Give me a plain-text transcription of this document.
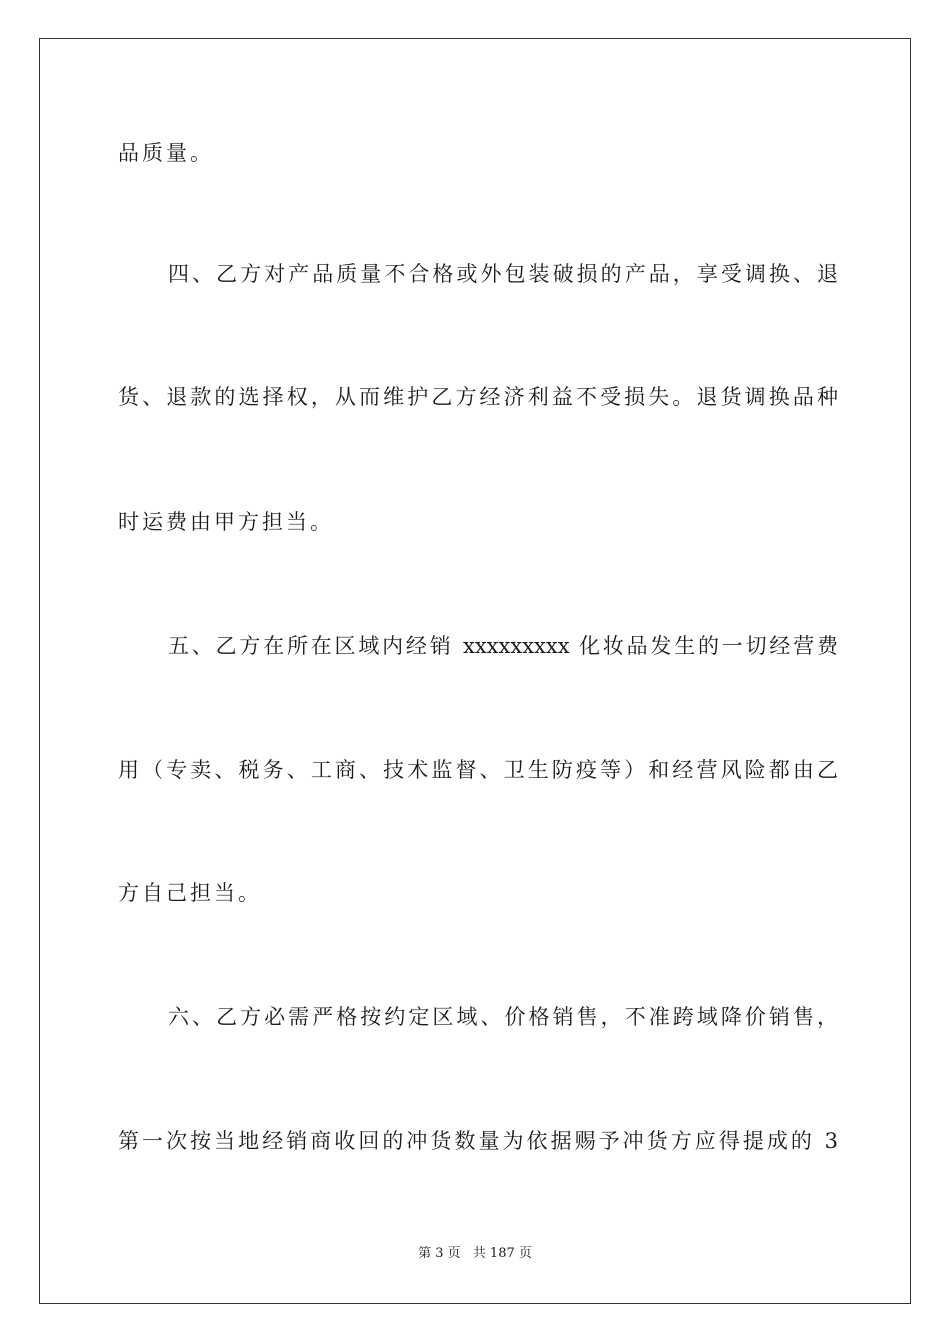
品质量。
四、乙方对产品质量不合格或外包装破损的产品，享受调换、退
货、退款的选择权，从而维护乙方经济利益不受损失。退货调换品种
时运费由甲方担当。
五、乙方在所在区域内经销 xxxxxxxxx 化妆品发生的一切经营费
用（专卖、税务、工商、技术监督、卫生防疫等）和经营风险都由乙
方自己担当。
六、乙方必需严格按约定区域、价格销售，不准跨域降价销售，
第一次按当地经销商收回的冲货数量为依据赐予冲货方应得提成的 3
第 3 页 共 187 页
